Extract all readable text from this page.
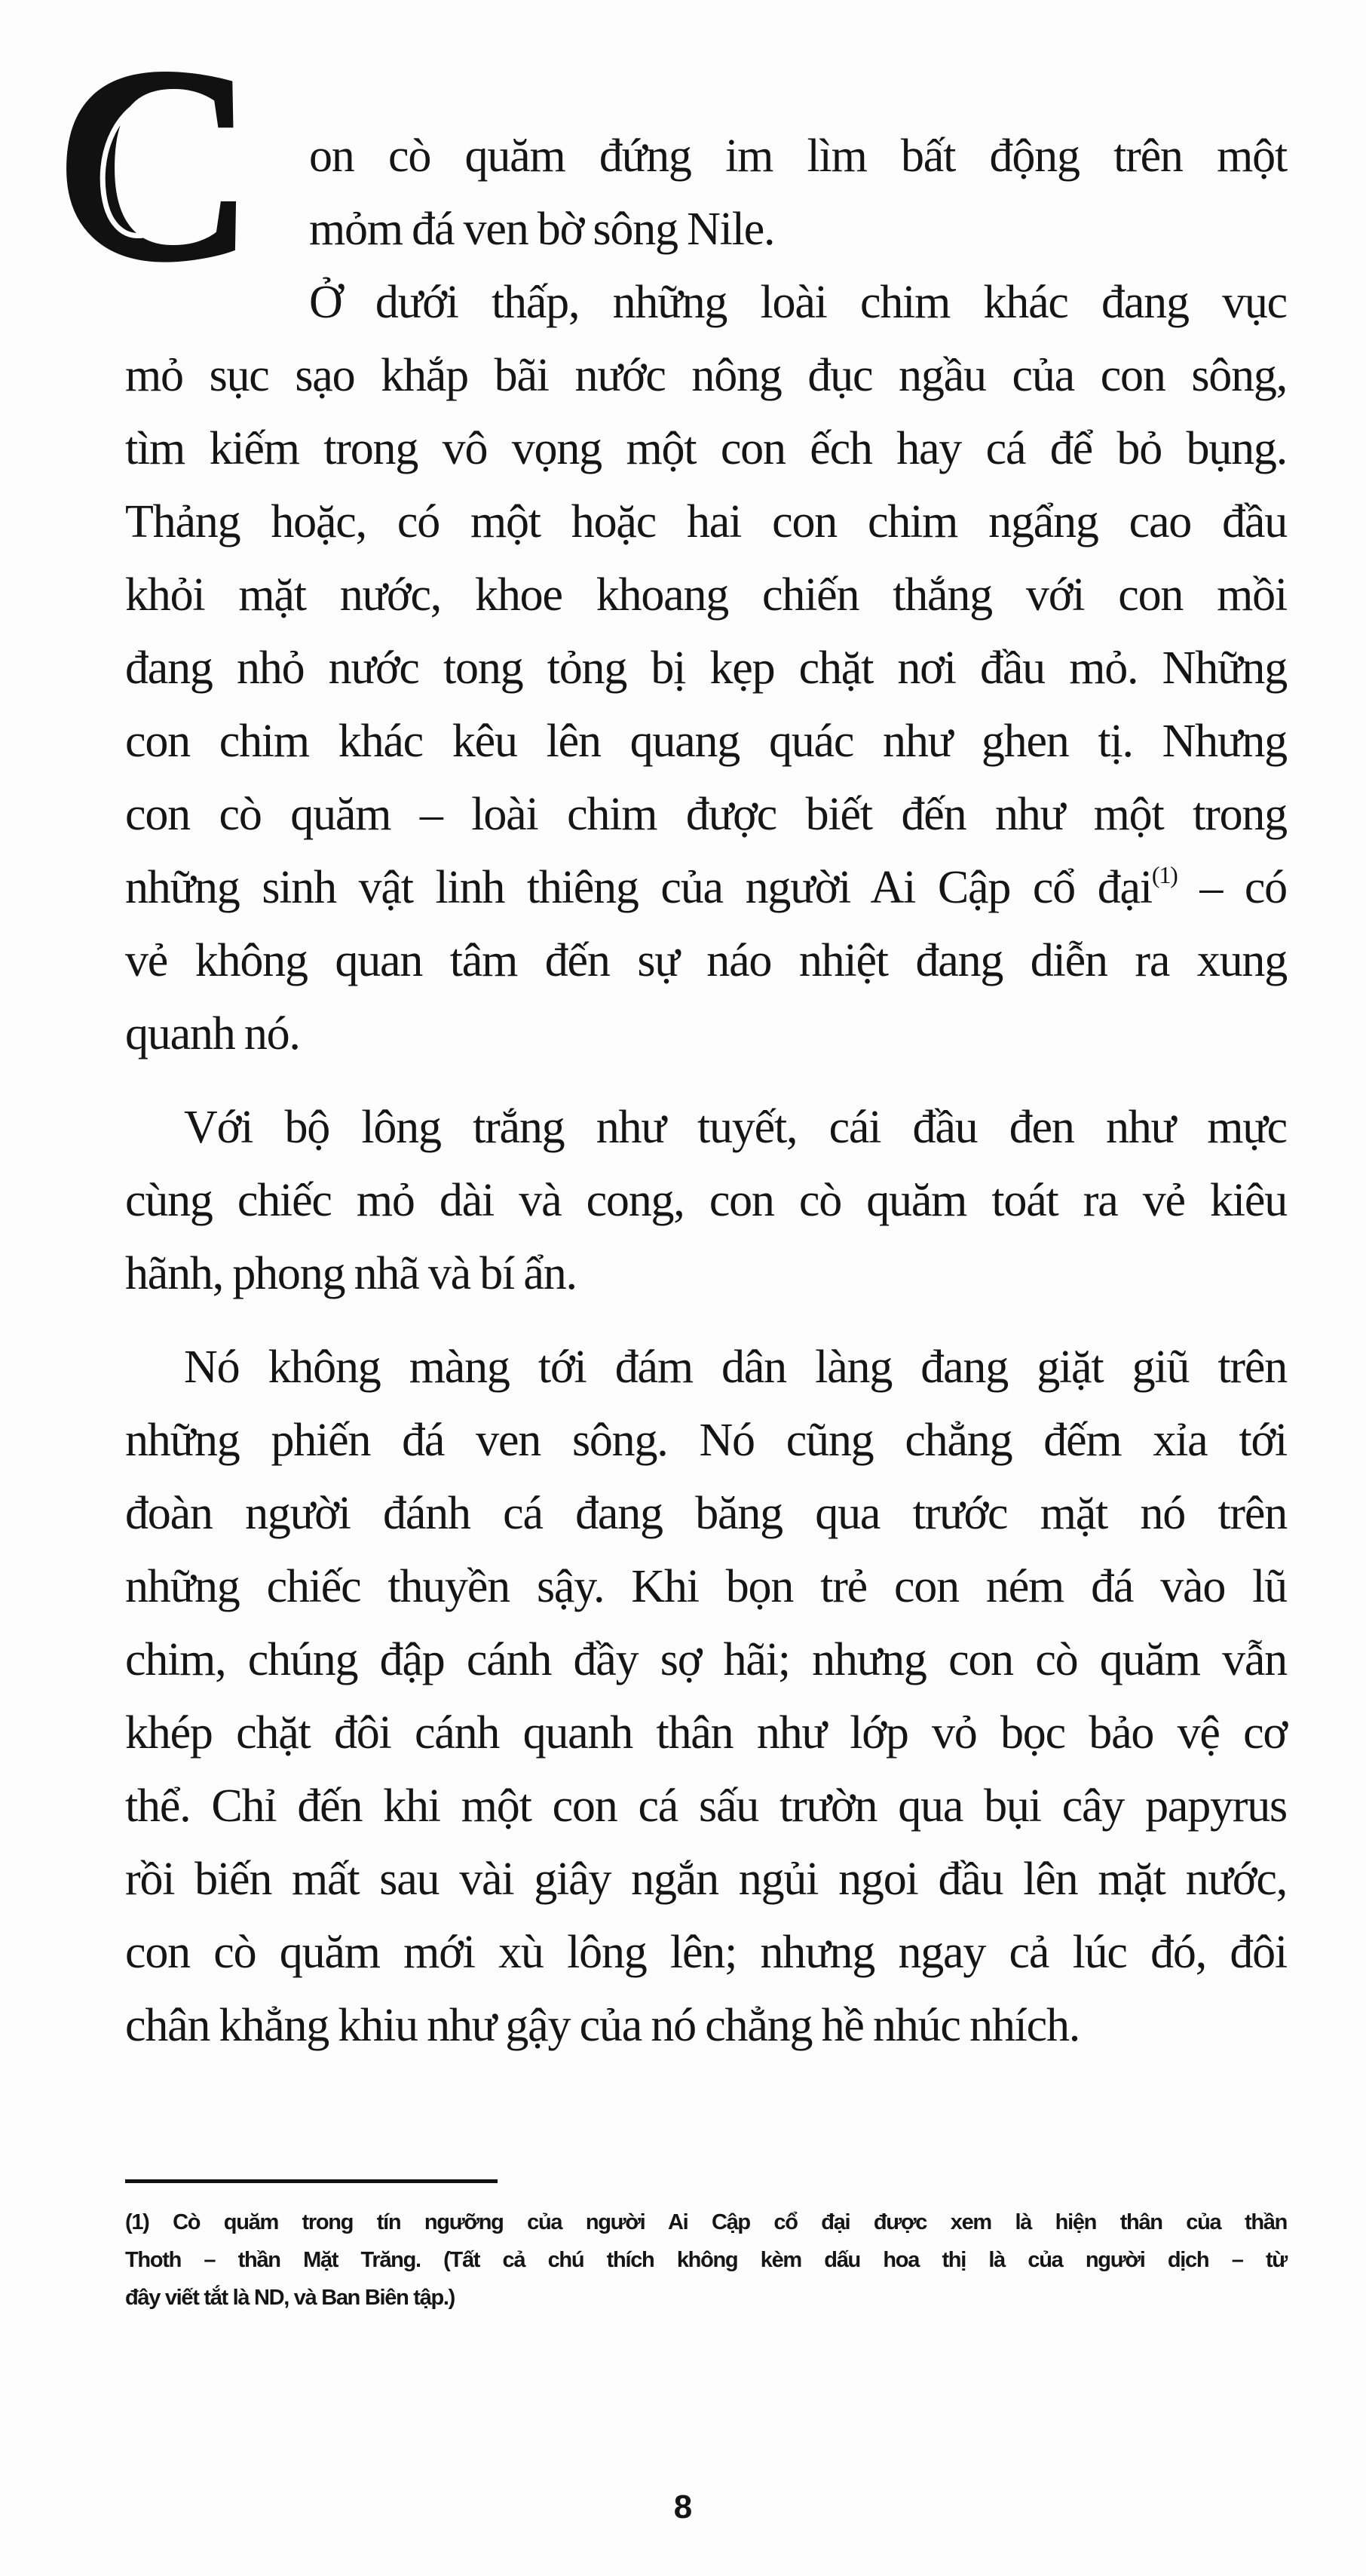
C on cò quăm đứng im lìm bất động trên một
mỏm đá ven bờ sông Nile.
Ở dưới thấp, những loài chim khác đang vục
mỏ sục sạo khắp bãi nước nông đục ngầu của con sông,
tìm kiếm trong vô vọng một con ếch hay cá để bỏ bụng.
Thảng hoặc, có một hoặc hai con chim ngẩng cao đầu
khỏi mặt nước, khoe khoang chiến thắng với con mồi
đang nhỏ nước tong tỏng bị kẹp chặt nơi đầu mỏ. Những
con chim khác kêu lên quang quác như ghen tị. Nhưng
con cò quăm – loài chim được biết đến như một trong
những sinh vật linh thiêng của người Ai Cập cổ đại$^{(1)}$ – có
vẻ không quan tâm đến sự náo nhiệt đang diễn ra xung
quanh nó.
Với bộ lông trắng như tuyết, cái đầu đen như mực
cùng chiếc mỏ dài và cong, con cò quăm toát ra vẻ kiêu
hãnh, phong nhã và bí ẩn.
Nó không màng tới đám dân làng đang giặt giũ trên
những phiến đá ven sông. Nó cũng chẳng đếm xỉa tới
đoàn người đánh cá đang băng qua trước mặt nó trên
những chiếc thuyền sậy. Khi bọn trẻ con ném đá vào lũ
chim, chúng đập cánh đầy sợ hãi; nhưng con cò quăm vẫn
khép chặt đôi cánh quanh thân như lớp vỏ bọc bảo vệ cơ
thể. Chỉ đến khi một con cá sấu trườn qua bụi cây papyrus
rồi biến mất sau vài giây ngắn ngủi ngoi đầu lên mặt nước,
con cò quăm mới xù lông lên; nhưng ngay cả lúc đó, đôi
chân khẳng khiu như gậy của nó chẳng hề nhúc nhích.
(1) Cò quăm trong tín ngưỡng của người Ai Cập cổ đại được xem là hiện thân của thần
Thoth – thần Mặt Trăng. (Tất cả chú thích không kèm dấu hoa thị là của người dịch – từ
đây viết tắt là ND, và Ban Biên tập.)
8
